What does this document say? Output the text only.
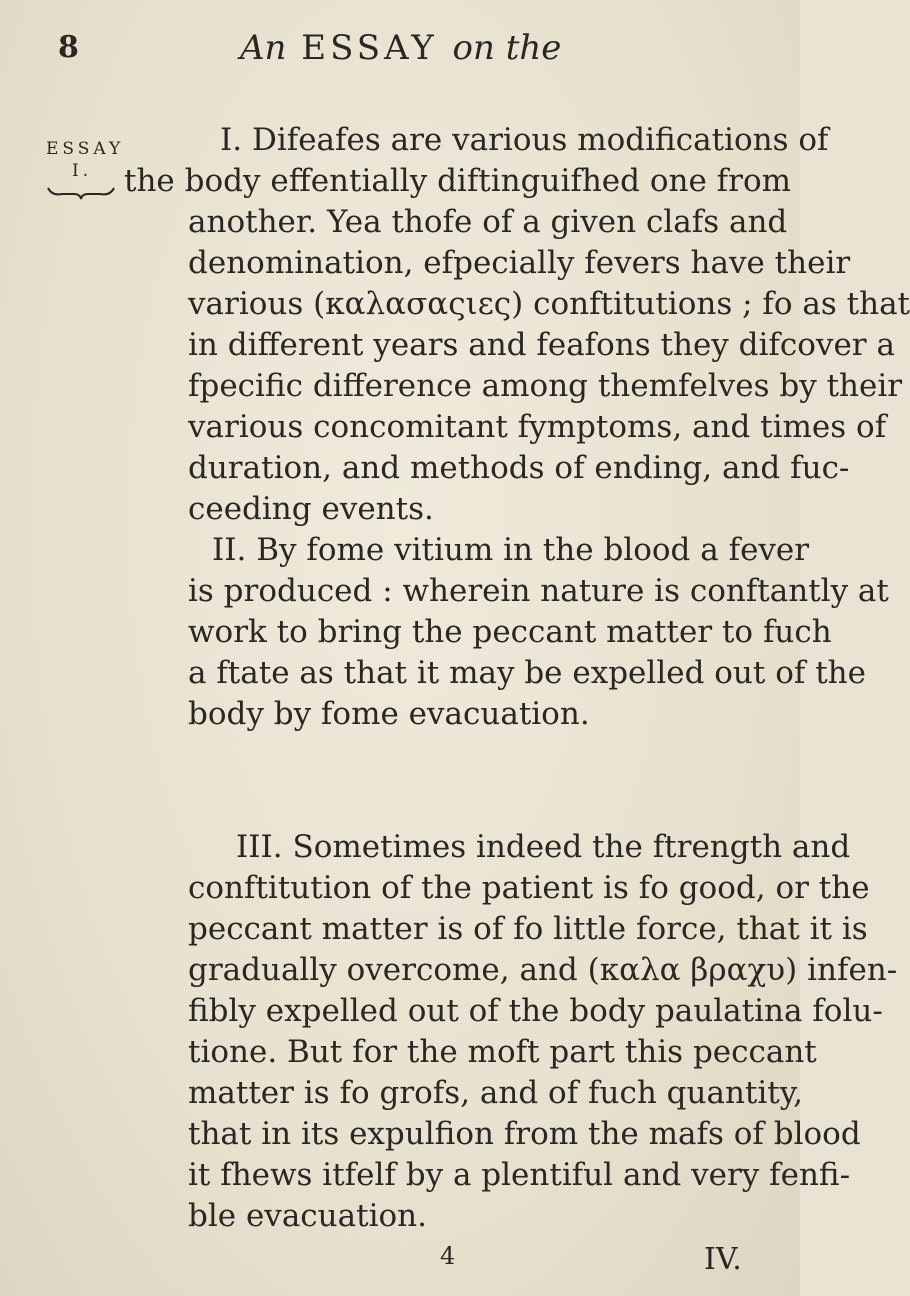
8	An ESSAY on the
ESSAY
I.
I. Difeafes are various modifications of
the body effentially diftinguifhed one from
another. Yea thofe of a given clafs and
denomination, efpecially fevers have their
various (καλασαςιες) conftitutions ; fo as that
in different years and feafons they difcover a
fpecific difference among themfelves by their
various concomitant fymptoms, and times of
duration, and methods of ending, and fuc-
ceeding events.
II. By fome vitium in the blood a fever
is produced : wherein nature is conftantly at
work to bring the peccant matter to fuch
a ftate as that it may be expelled out of the
body by fome evacuation.
III. Sometimes indeed the ftrength and
conftitution of the patient is fo good, or the
peccant matter is of fo little force, that it is
gradually overcome, and (καλα βραχυ) infen-
fibly expelled out of the body paulatina folu-
tione. But for the moft part this peccant
matter is fo grofs, and of fuch quantity,
that in its expulfion from the mafs of blood
it fhews itfelf by a plentiful and very fenfi-
ble evacuation.
4	IV.
